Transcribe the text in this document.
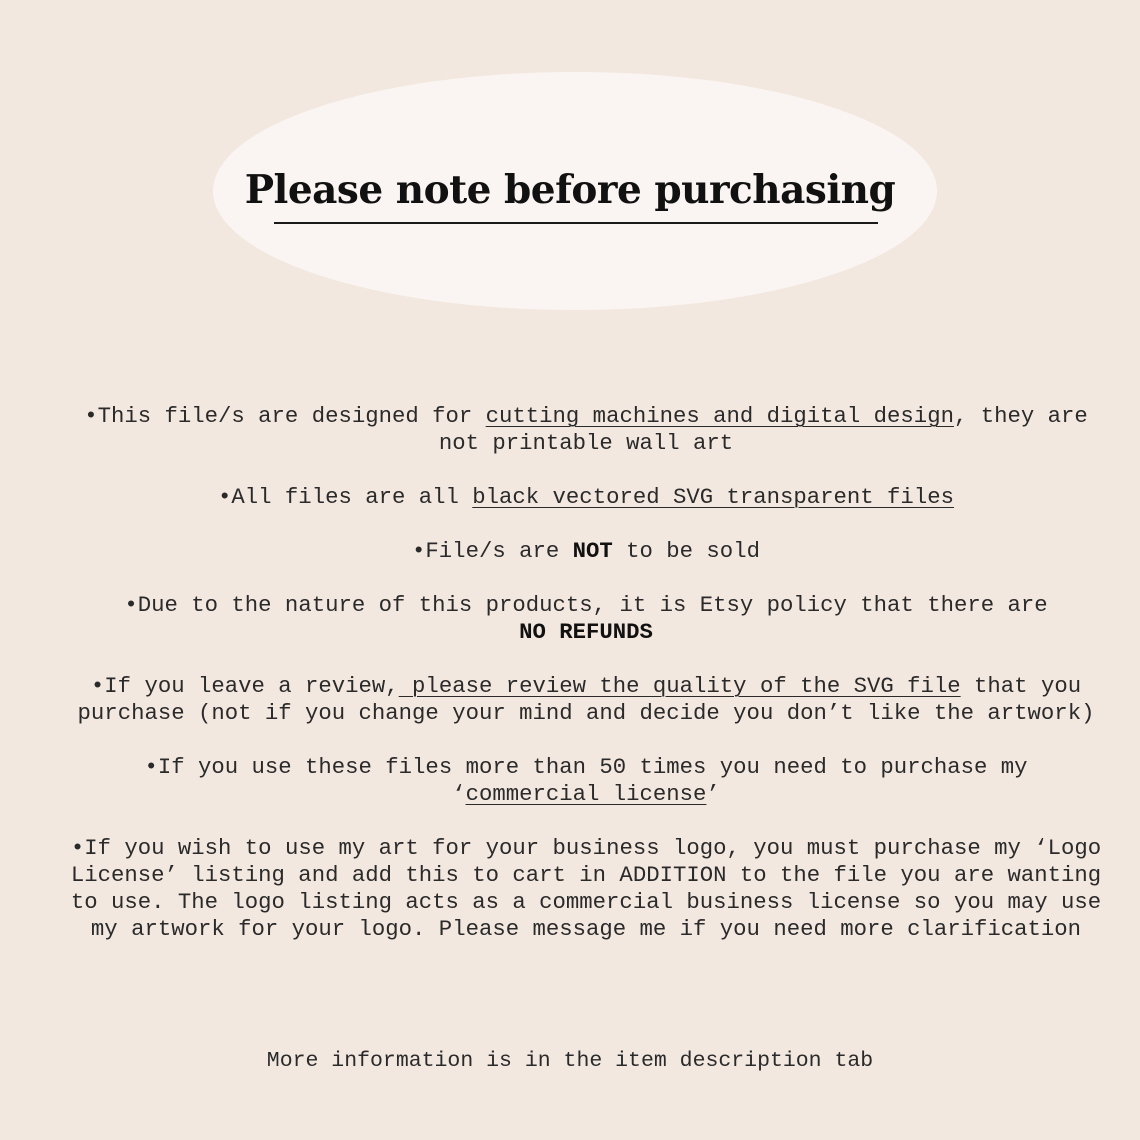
Please note before purchasing

•This file/s are designed for cutting machines and digital design, they are not printable wall art

•All files are all black vectored SVG transparent files

•File/s are NOT to be sold

•Due to the nature of this products, it is Etsy policy that there are
NO REFUNDS

•If you leave a review, please review the quality of the SVG file that you purchase (not if you change your mind and decide you don’t like the artwork)

•If you use these files more than 50 times you need to purchase my ‘commercial license’

•If you wish to use my art for your business logo, you must purchase my ‘Logo License’ listing and add this to cart in ADDITION to the file you are wanting to use. The logo listing acts as a commercial business license so you may use my artwork for your logo. Please message me if you need more clarification

More information is in the item description tab
